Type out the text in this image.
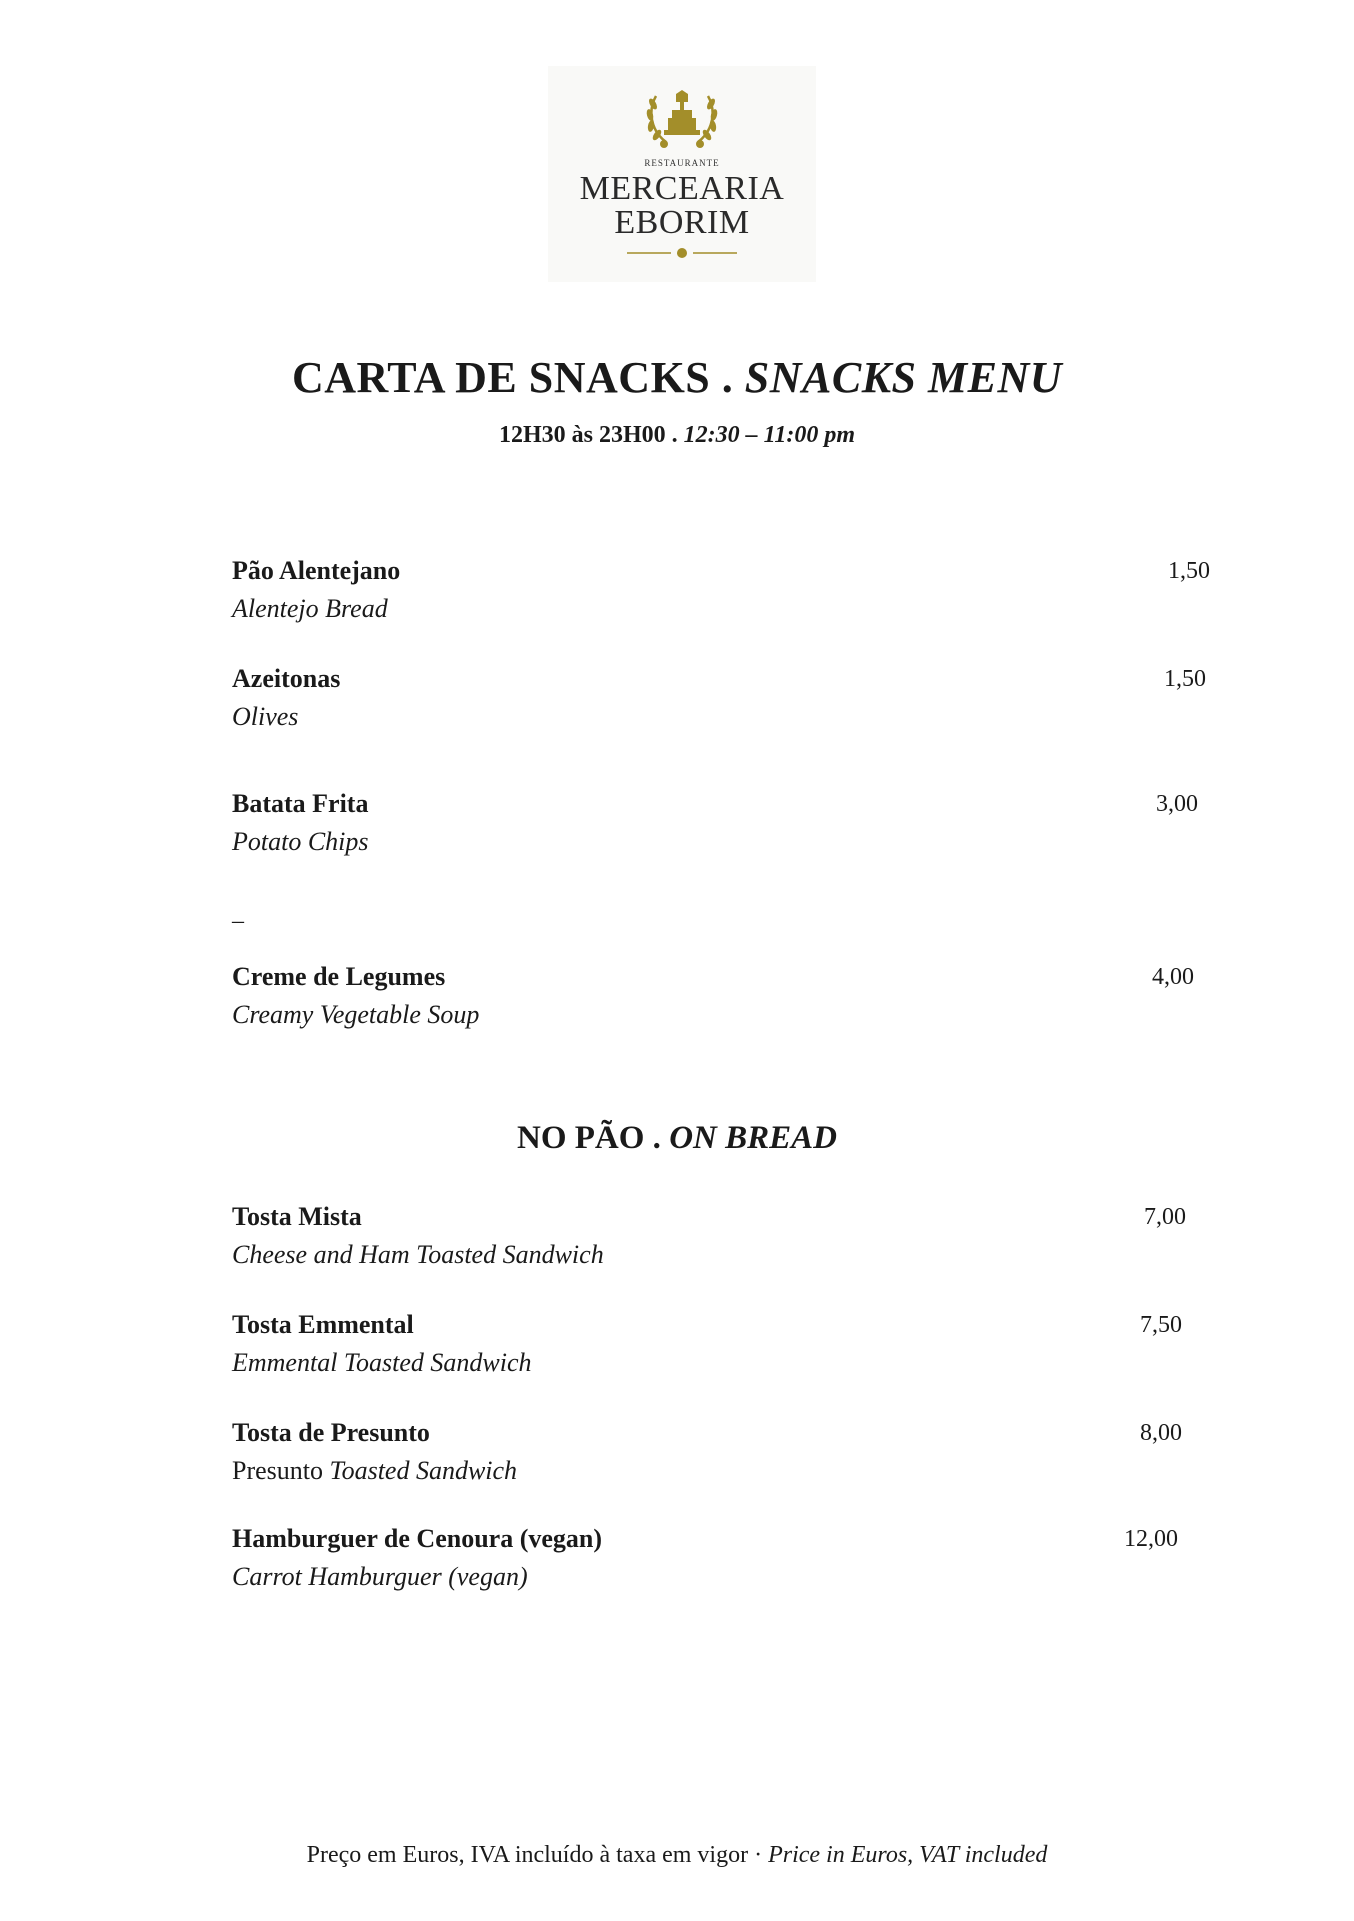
RESTAURANTE
MERCEARIA
EBORIM
CARTA DE SNACKS . SNACKS MENU
12H30 às 23H00 . 12:30 – 11:00 pm
Pão Alentejano
Alentejo Bread
1,50
Azeitonas
Olives
1,50
Batata Frita
Potato Chips
3,00
–
Creme de Legumes
Creamy Vegetable Soup
4,00
NO PÃO . ON BREAD
Tosta Mista
Cheese and Ham Toasted Sandwich
7,00
Tosta Emmental
Emmental Toasted Sandwich
7,50
Tosta de Presunto
Presunto Toasted Sandwich
8,00
Hamburguer de Cenoura (vegan)
Carrot Hamburguer (vegan)
12,00
Preço em Euros, IVA incluído à taxa em vigor · Price in Euros, VAT included
